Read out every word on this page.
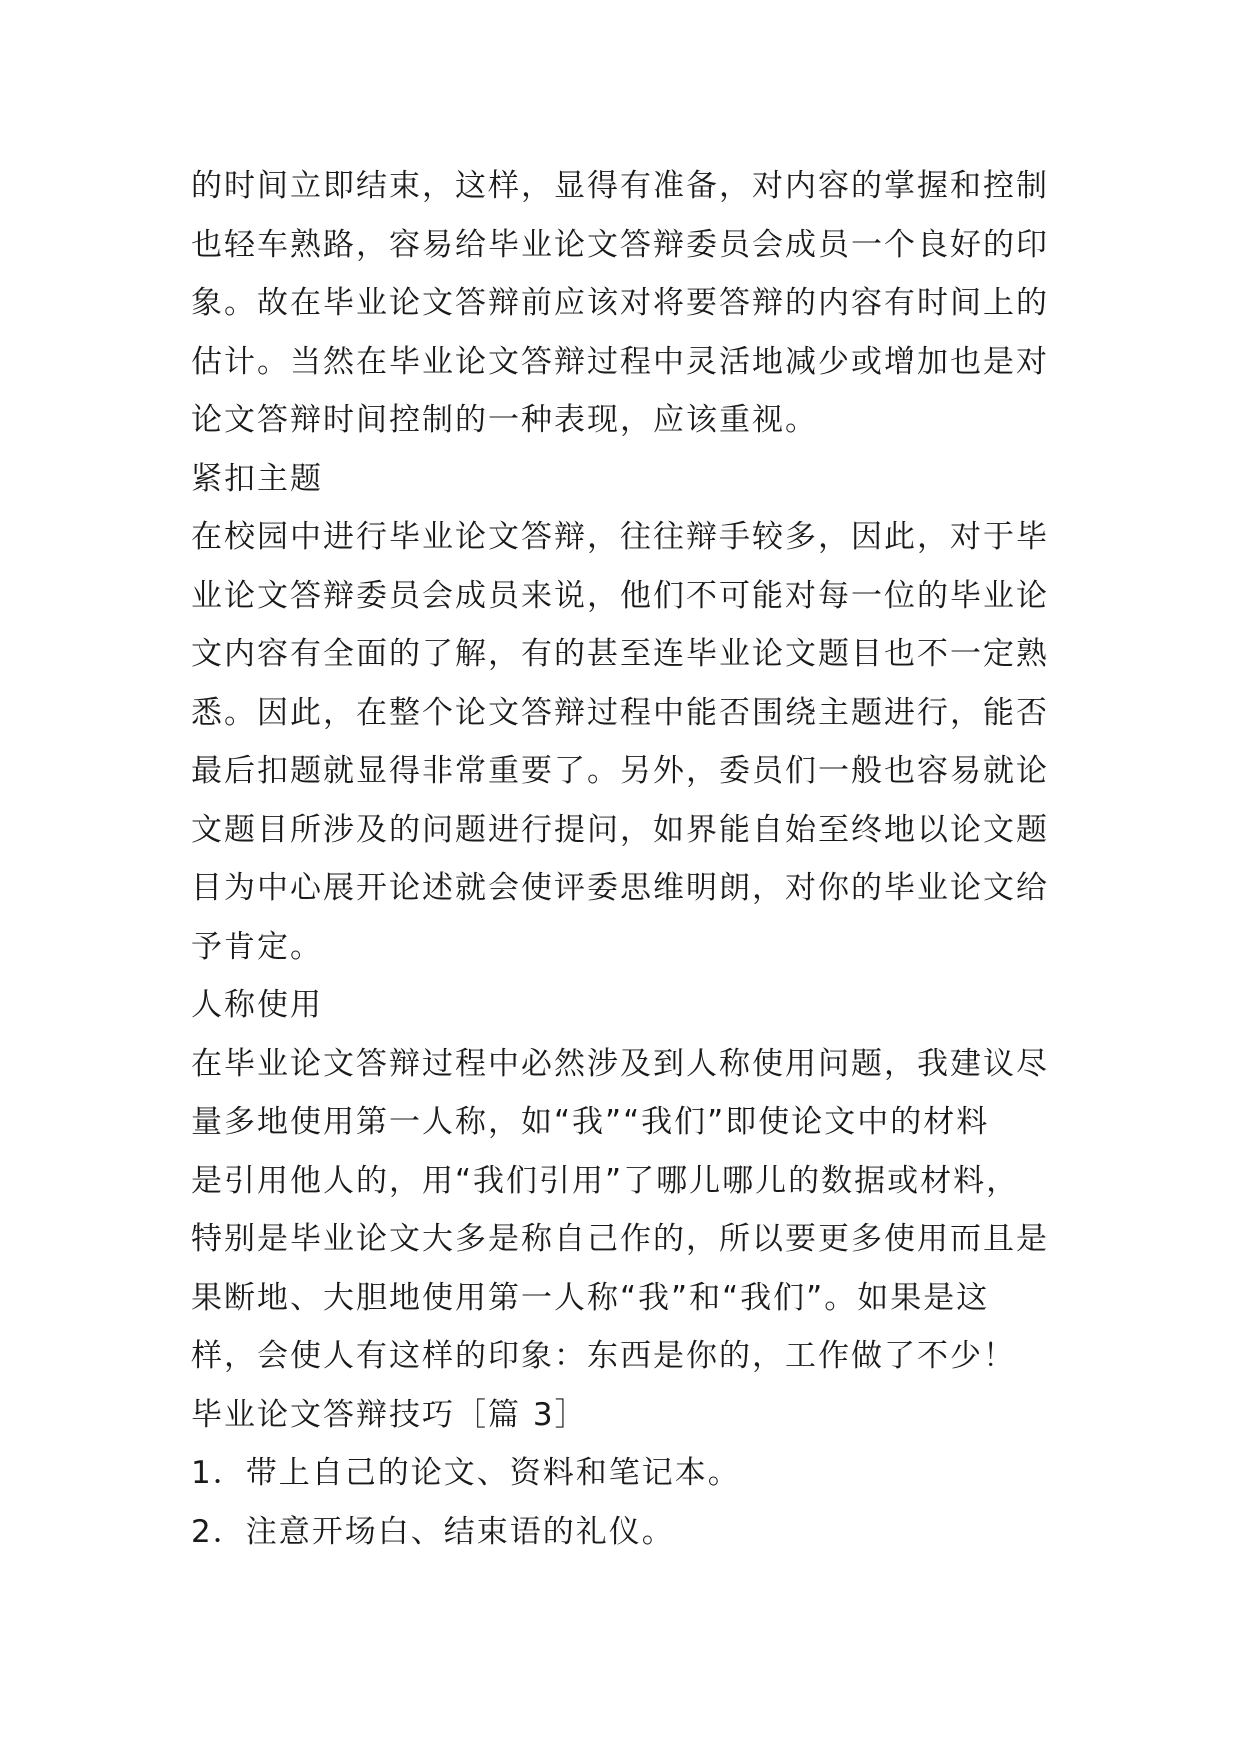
的时间立即结束，这样，显得有准备，对内容的掌握和控制
也轻车熟路，容易给毕业论文答辩委员会成员一个良好的印
象。故在毕业论文答辩前应该对将要答辩的内容有时间上的
估计。当然在毕业论文答辩过程中灵活地减少或增加也是对
论文答辩时间控制的一种表现，应该重视。
紧扣主题
在校园中进行毕业论文答辩，往往辩手较多，因此，对于毕
业论文答辩委员会成员来说，他们不可能对每一位的毕业论
文内容有全面的了解，有的甚至连毕业论文题目也不一定熟
悉。因此，在整个论文答辩过程中能否围绕主题进行，能否
最后扣题就显得非常重要了。另外，委员们一般也容易就论
文题目所涉及的问题进行提问，如界能自始至终地以论文题
目为中心展开论述就会使评委思维明朗，对你的毕业论文给
予肯定。
人称使用
在毕业论文答辩过程中必然涉及到人称使用问题，我建议尽
量多地使用第一人称，如“我”“我们”即使论文中的材料
是引用他人的，用“我们引用”了哪儿哪儿的数据或材料，
特别是毕业论文大多是称自己作的，所以要更多使用而且是
果断地、大胆地使用第一人称“我”和“我们”。如果是这
样，会使人有这样的印象：东西是你的，工作做了不少！
毕业论文答辩技巧［篇 3］
1．带上自己的论文、资料和笔记本。
2．注意开场白、结束语的礼仪。
